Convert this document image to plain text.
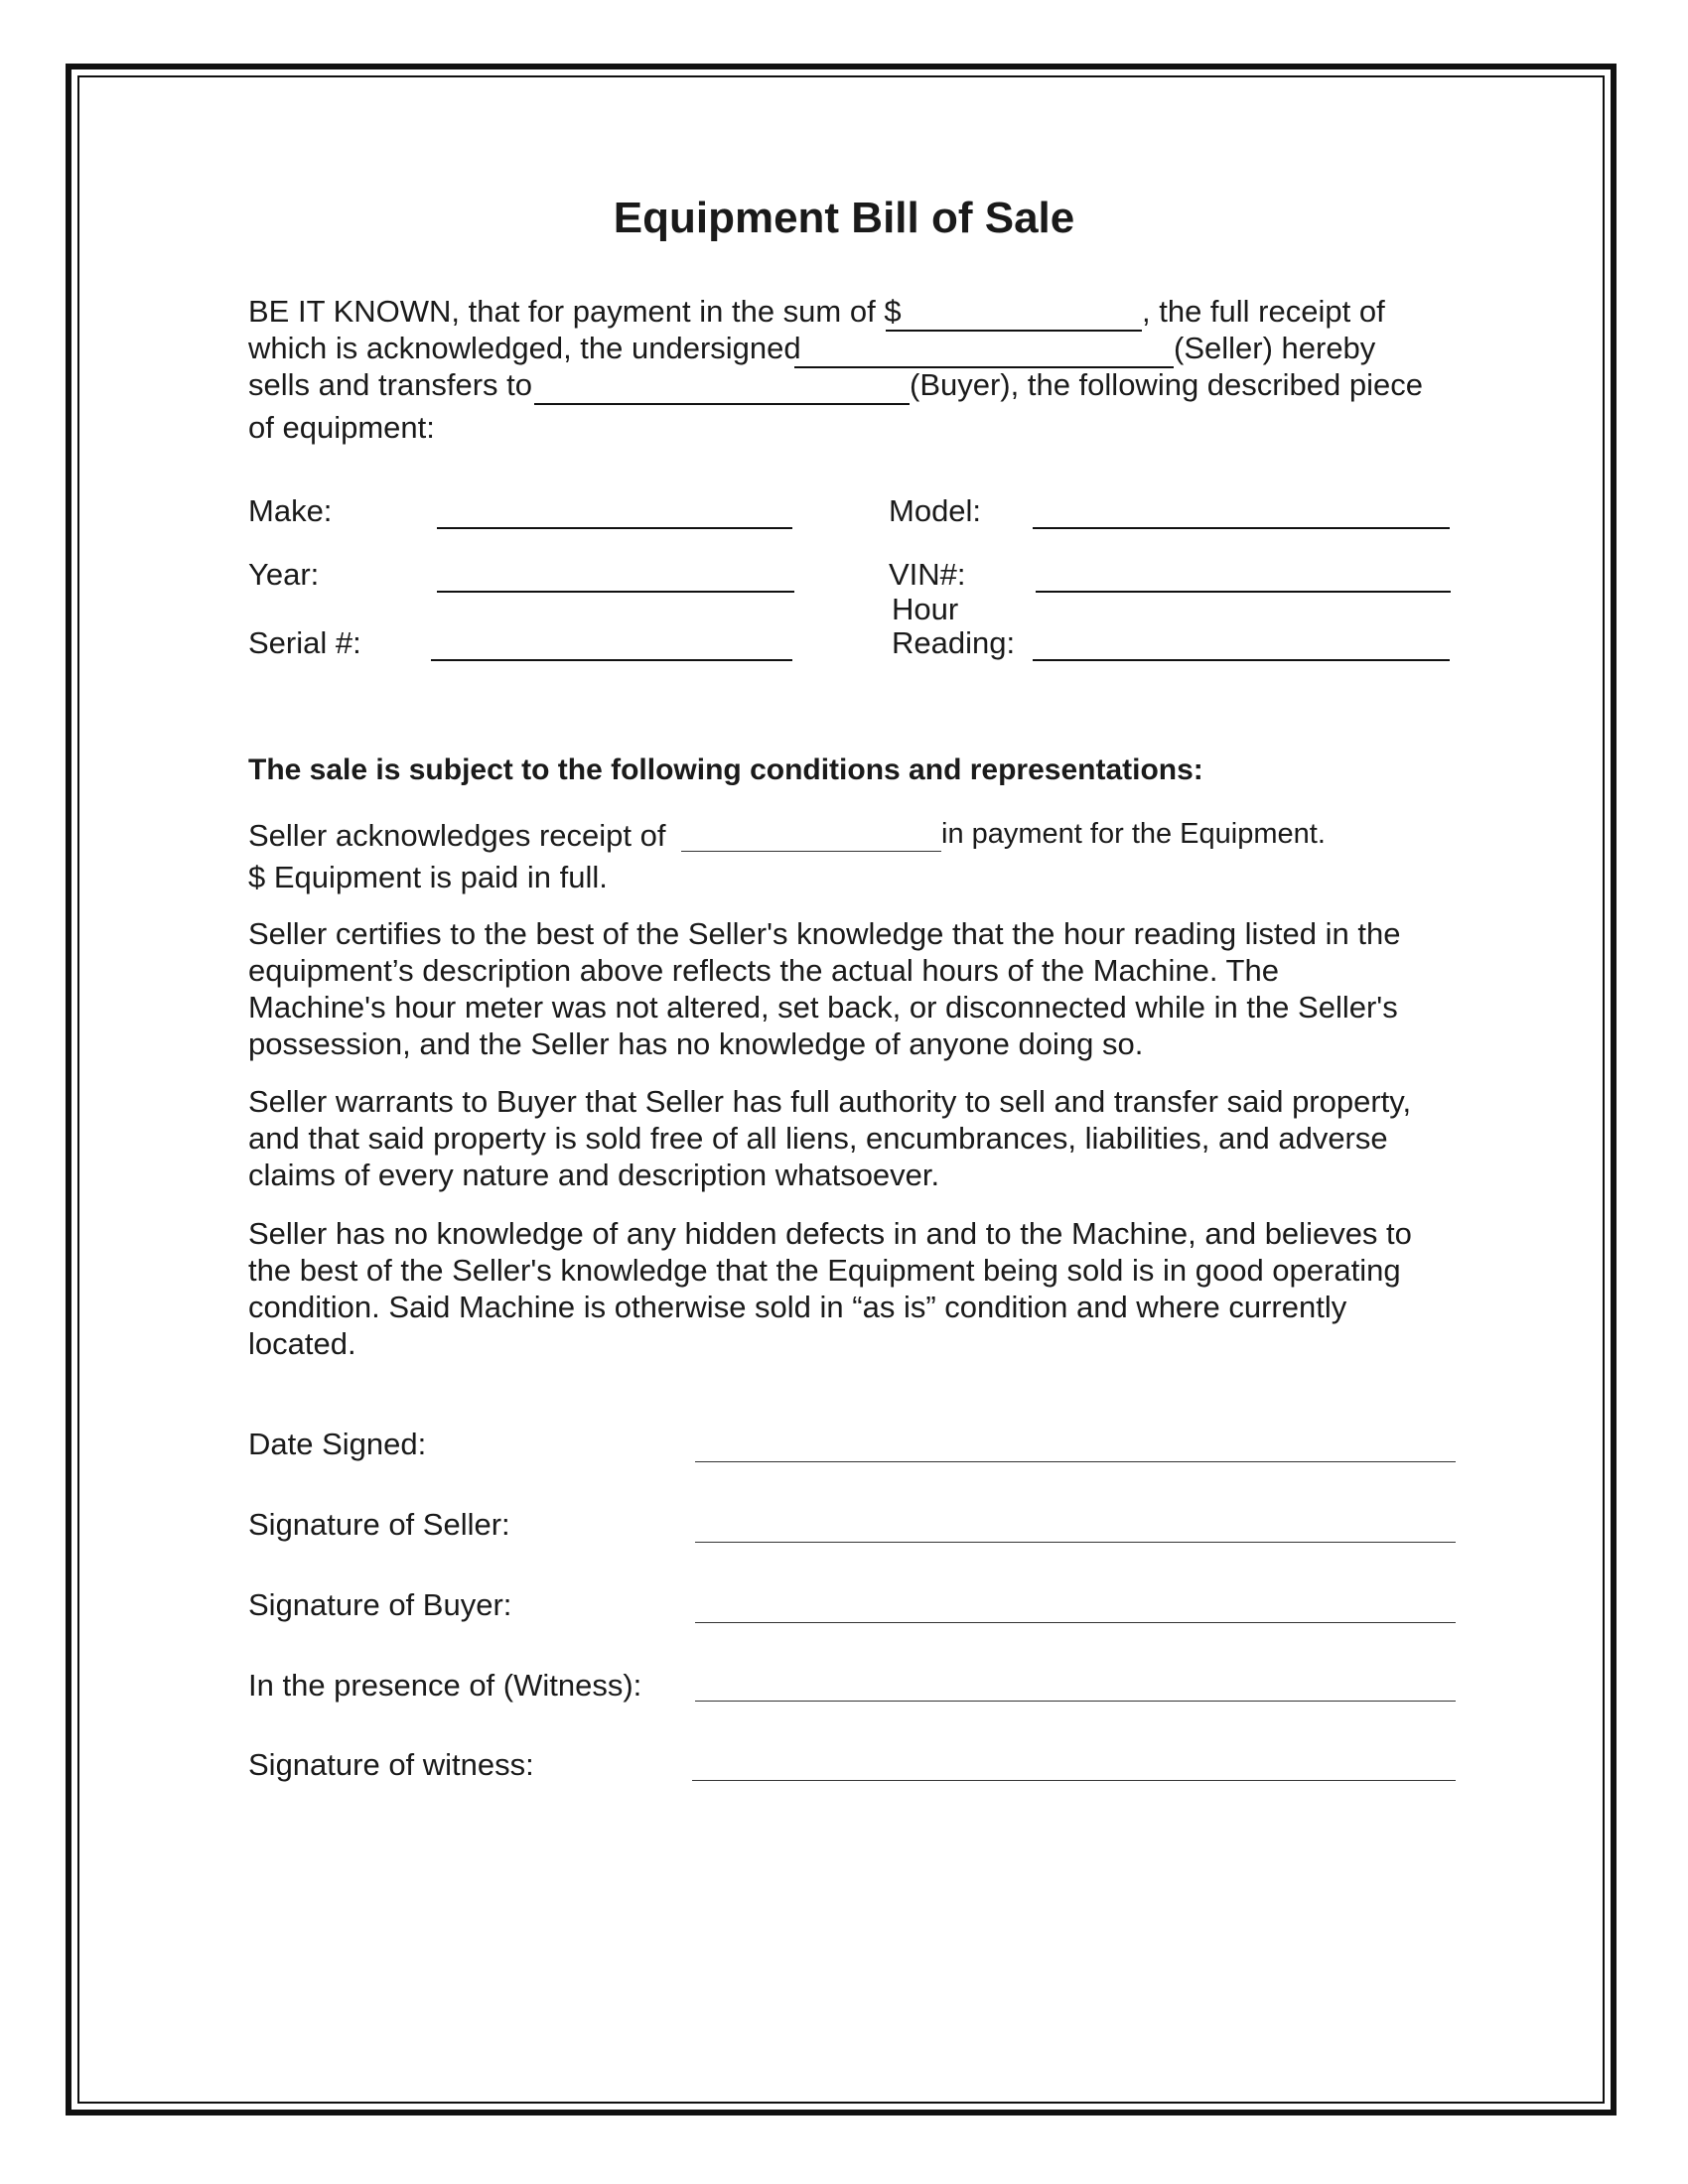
Equipment Bill of Sale
BE IT KNOWN, that for payment in the sum of $	, the full receipt of
which is acknowledged, the undersigned	(Seller) hereby
sells and transfers to	(Buyer), the following described piece
of equipment:
Make:	Model:
Year:	VIN#:
Hour
Serial #:	Reading:
The sale is subject to the following conditions and representations:
Seller acknowledges receipt of	in payment for the Equipment.
$ Equipment is paid in full.
Seller certifies to the best of the Seller's knowledge that the hour reading listed in the equipment’s description above reflects the actual hours of the Machine. The Machine's hour meter was not altered, set back, or disconnected while in the Seller's possession, and the Seller has no knowledge of anyone doing so.
Seller warrants to Buyer that Seller has full authority to sell and transfer said property, and that said property is sold free of all liens, encumbrances, liabilities, and adverse claims of every nature and description whatsoever.
Seller has no knowledge of any hidden defects in and to the Machine, and believes to the best of the Seller's knowledge that the Equipment being sold is in good operating condition. Said Machine is otherwise sold in “as is” condition and where currently located.
Date Signed:
Signature of Seller:
Signature of Buyer:
In the presence of (Witness):
Signature of witness:
